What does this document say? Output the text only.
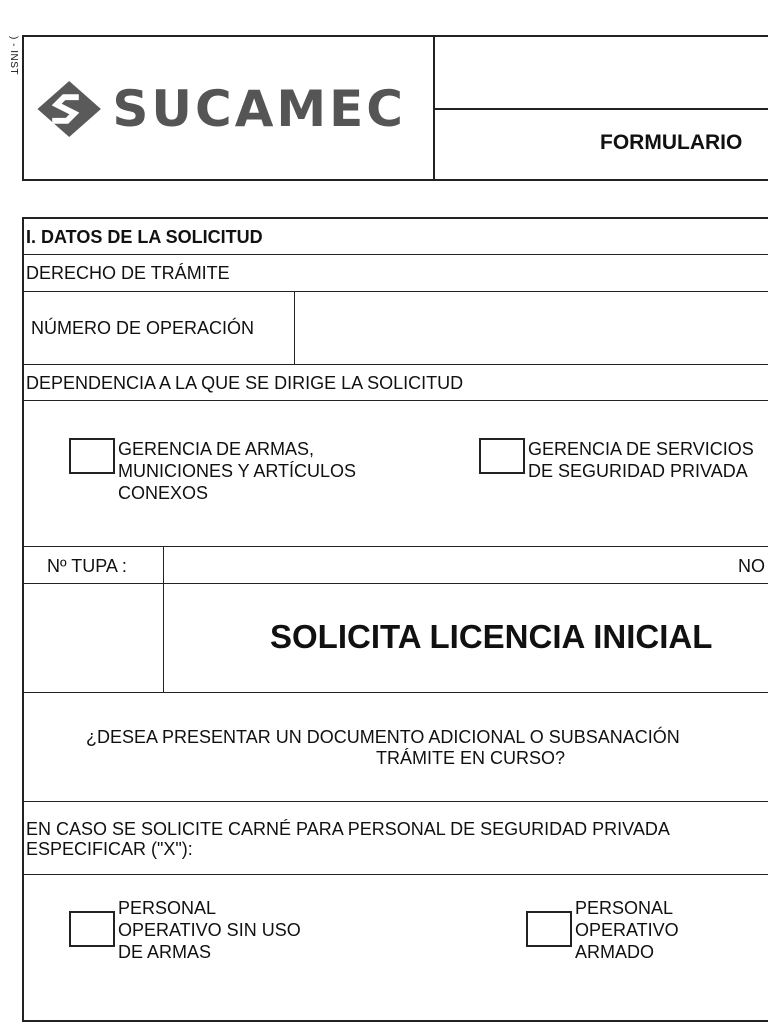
) - INST
SUCAMEC
FORMULARIO
I. DATOS DE LA SOLICITUD
DERECHO DE TRÁMITE
NÚMERO DE OPERACIÓN
DEPENDENCIA A LA QUE SE DIRIGE LA SOLICITUD
GERENCIA DE ARMAS,
MUNICIONES Y ARTÍCULOS
CONEXOS
GERENCIA DE SERVICIOS
DE SEGURIDAD PRIVADA
Nº TUPA :	NO
SOLICITA LICENCIA INICIAL
¿DESEA PRESENTAR UN DOCUMENTO ADICIONAL O SUBSANACIÓN
TRÁMITE EN CURSO?
EN CASO SE SOLICITE CARNÉ PARA PERSONAL DE SEGURIDAD PRIVADA
ESPECIFICAR ("X"):
PERSONAL
OPERATIVO SIN USO
DE ARMAS
PERSONAL
OPERATIVO
ARMADO
